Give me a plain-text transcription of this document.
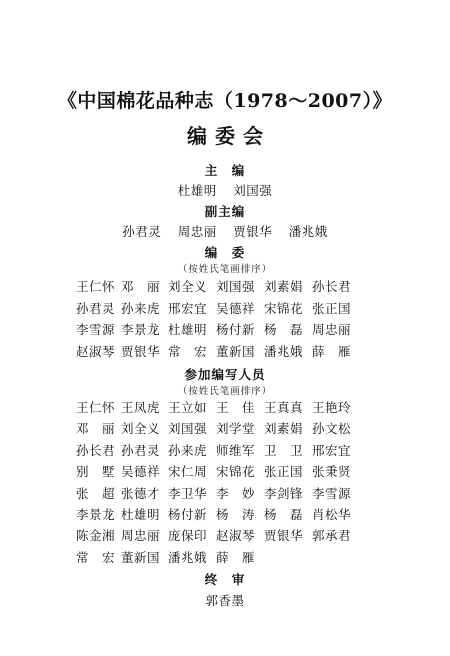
《中国棉花品种志（1978～2007）》
编委会
主　编
杜雄明 刘国强
副主编
孙君灵 周忠丽 贾银华 潘兆娥
编　委
（按姓氏笔画排序）
王仁怀 邓　丽 刘全义 刘国强 刘素娟 孙长君
孙君灵 孙来虎 邢宏宜 吴德祥 宋锦花 张正国
李雪源 李景龙 杜雄明 杨付新 杨　磊 周忠丽
赵淑琴 贾银华 常　宏 董新国 潘兆娥 薛　雁
参加编写人员
（按姓氏笔画排序）
王仁怀 王凤虎 王立如 王　佳 王真真 王艳玲
邓　丽 刘全义 刘国强 刘学堂 刘素娟 孙文松
孙长君 孙君灵 孙来虎 师维军 卫　卫 邢宏宜
别　墅 吴德祥 宋仁周 宋锦花 张正国 张秉贤
张　超 张德才 李卫华 李　妙 李剑锋 李雪源
李景龙 杜雄明 杨付新 杨　涛 杨　磊 肖松华
陈金湘 周忠丽 庞保印 赵淑琴 贾银华 郭承君
常　宏 董新国 潘兆娥 薛　雁
终　审
郭香墨
